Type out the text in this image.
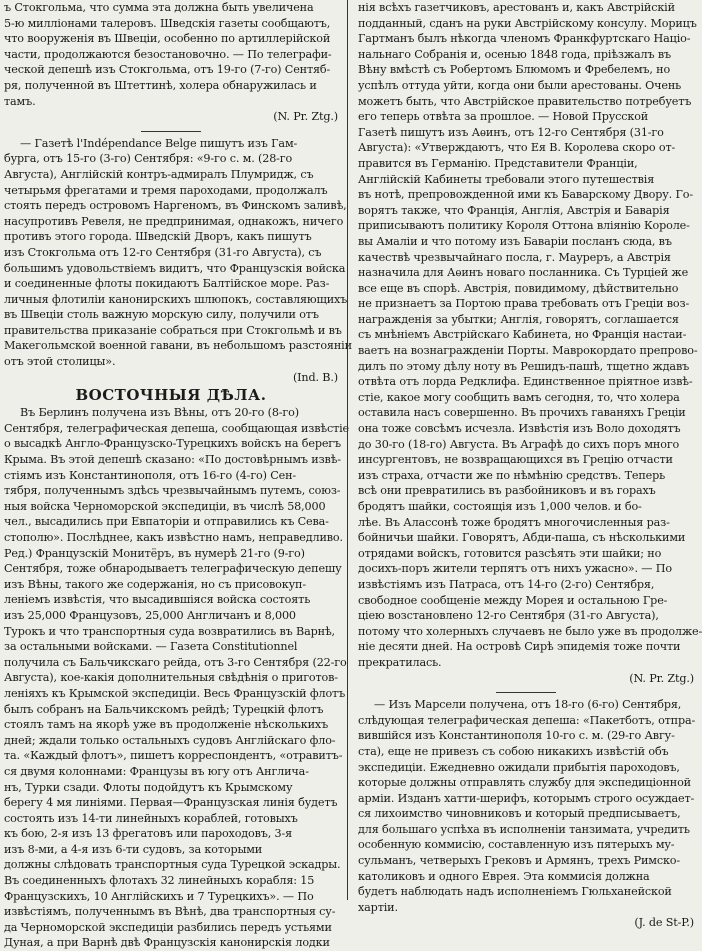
ъ Стокгольма, что сумма эта должна быть увеличена
5-ю миллiонами талеровъ. Шведскiя газеты сообщаютъ,
что вооруженiя въ Швецiи, особенно по артиллерiйской
части, продолжаются безостановочно. — По телеграфи-
ческой депешѣ изъ Стокгольма, отъ 19-го (7-го) Сентяб-
ря, полученной въ Штеттинѣ, холера обнаружилась и
тамъ.
(N. Pr. Ztg.)
— Газетѣ l'Indépendance Belge пишутъ изъ Гам-
бурга, отъ 15-го (3-го) Сентября: «9-го с. м. (28-го
Августа), Англiйскiй контръ-адмиралъ Плумридж, съ
четырьмя фрегатами и тремя пароходами, продолжалъ
стоять передъ островомъ Наргеномъ, въ Финскомъ заливѣ,
насупротивъ Ревеля, не предпринимая, однакожъ, ничего
противъ этого города. Шведскiй Дворъ, какъ пишутъ
изъ Стокгольма отъ 12-го Сентября (31-го Августа), съ
большимъ удовольствiемъ видитъ, что Французскiя войска
и соединенные флоты покидаютъ Балтiйское море. Раз-
личныя флотилiи канонирскихъ шлюпокъ, составляющихъ
въ Швецiи столь важную морскую силу, получили отъ
правительства приказанiе собраться при Стокгольмѣ и въ
Макегольмской военной гавани, въ небольшомъ разстоянiи
отъ этой столицы».
(Ind. B.)
ВОСТОЧНЫЯ ДѢЛА.
Въ Берлинъ получена изъ Вѣны, отъ 20-го (8-го)
Сентября, телеграфическая депеша, сообщающая извѣстiе
о высадкѣ Англо-Французско-Турецкихъ войскъ на берегъ
Крыма. Въ этой депешѣ сказано: «По достовѣрнымъ извѣ-
стiямъ изъ Константинополя, отъ 16-го (4-го) Сен-
тября, полученнымъ здѣсь чрезвычайнымъ путемъ, союз-
ныя войска Черноморской экспедицiи, въ числѣ 58,000
чел., высадились при Евпаторiи и отправились къ Сева-
стополю». Послѣднее, какъ извѣстно намъ, неправедливо.
Ред.) Французскiй Монитёръ, въ нумерѣ 21-го (9-го)
Сентября, тоже обнародываетъ телеграфическую депешу
изъ Вѣны, такого же содержанiя, но съ присовокуп-
ленiемъ извѣстiя, что высадившiяся войска состоять
изъ 25,000 Французовъ, 25,000 Англичанъ и 8,000
Турокъ и что транспортныя суда возвратились въ Варнѣ,
за остальными войсками. — Газета Constitutionnel
получила съ Бальчикскаго рейда, отъ 3-го Сентября (22-го
Августа), кое-какiя дополнительныя свѣдѣнiя о приготов-
ленiяхъ къ Крымской экспедицiи. Весь Французскiй флотъ
былъ собранъ на Бальчикскомъ рейдѣ; Турецкiй флотъ
стоялъ тамъ на якорѣ уже въ продолженiе нѣсколькихъ
дней; ждали только остальныхъ судовъ Англiйскаго фло-
та. «Каждый флотъ», пишетъ корреспондентъ, «отравитъ-
ся двумя колоннами: Французы въ югу отъ Англича-
нъ, Турки сзади. Флоты подойдутъ къ Крымскому
берегу 4 мя линiями. Первая—Французская линiя будетъ
состоять изъ 14-ти линейныхъ кораблей, готовыхъ
къ бою, 2-я изъ 13 фрегатовъ или пароходовъ, 3-я
изъ 8-ми, а 4-я изъ 6-ти судовъ, за которыми
должны слѣдовать транспортныя суда Турецкой эскадры.
Въ соединенныхъ флотахъ 32 линейныхъ корабля: 15
Французскихъ, 10 Англiйскихъ и 7 Турецкихъ». — По
извѣстiямъ, полученнымъ въ Вѣнѣ, два транспортныя су-
да Черноморской экспедицiи разбились передъ устьями
Дуная, а при Варнѣ двѣ Французскiя канонирскiя лодки
нiя всѣхъ газетчиковъ, арестованъ и, какъ Австрiйскiй
подданный, сданъ на руки Австрiйскому консулу. Морицъ
Гартманъ былъ нѣкогда членомъ Франкфуртскаго Нацiо-
нальнаго Собранiя и, осенью 1848 года, прiѣзжалъ въ
Вѣну вмѣстѣ съ Робертомъ Блюмомъ и Фребелемъ, но
успѣлъ оттуда уйти, когда они были арестованы. Очень
можетъ быть, что Австрiйское правительство потребуетъ
его теперь отвѣта за прошлое. — Новой Прусской
Газетѣ пишутъ изъ Аѳинъ, отъ 12-го Сентября (31-го
Августа): «Утверждаютъ, что Ея В. Королева скоро от-
правится въ Германiю. Представители Францiи,
Англiйскiй Кабинеты требовали этого путешествiя
въ нотѣ, препровожденной ими къ Баварскому Двору. Го-
ворятъ также, что Францiя, Англiя, Австрiя и Баварiя
приписываютъ политику Короля Оттона влiянiю Короле-
вы Амалiи и что потому изъ Баварiи посланъ сюда, въ
качествѣ чрезвычайнаго посла, г. Мауреръ, а Австрiя
назначила для Аѳинъ новаго посланника. Съ Турцiей же
все еще въ спорѣ. Австрiя, повидимому, дѣйствительно
не признаетъ за Портою права требовать отъ Грецiи воз-
награжденiя за убытки; Англiя, говорятъ, соглашается
съ мнѣнiемъ Австрiйскаго Кабинета, но Францiя настаи-
ваетъ на вознагражденiи Порты. Мавpокордато препрово-
дилъ по этому дѣлу ноту въ Решидъ-пашѣ, тщетно ждавъ
отвѣта отъ лорда Редклифа. Единственное прiятное извѣ-
стiе, какое могу сообщить вамъ сегодня, то, что холера
оставила насъ совершенно. Въ прочихъ гаваняхъ Грецiи
она тоже совсѣмъ исчезла. Извѣстiя изъ Воло доходятъ
до 30-го (18-го) Августа. Въ Аграфѣ до сихъ поръ много
инсургентовъ, не возвращающихся въ Грецiю отчасти
изъ страха, отчасти же по нѣмѣнiю средствъ. Теперь
всѣ они превратились въ разбойниковъ и въ горахъ
бродятъ шайки, состоящiя изъ 1,000 челов. и бо-
лѣе. Въ Алассонѣ тоже бродятъ многочисленныя раз-
бойничьи шайки. Говорятъ, Абди-паша, съ нѣсколькими
отрядами войскъ, готовится разсѣять эти шайки; но
досихъ-поръ жители терпятъ отъ нихъ ужасно». — По
извѣстiямъ изъ Патраса, отъ 14-го (2-го) Сентября,
свободное сообщенiе между Морея и остальною Гре-
цiею возстановлено 12-го Сентября (31-го Августа),
потому что холерныхъ случаевъ не было уже въ продолже-
нiе десяти дней. На островѣ Сирѣ эпидемiя тоже почти
прекратилась.
(N. Pr. Ztg.)
— Изъ Марсели получена, отъ 18-го (6-го) Сентября,
слѣдующая телеграфическая депеша: «Пакетботъ, отпра-
вившiйся изъ Константинополя 10-го с. м. (29-го Авгу-
ста), еще не привезъ съ собою никакихъ извѣстiй объ
экспедицiи. Ежедневно ожидали прибытiя пароходовъ,
которые должны отправлять службу для экспедицiонной
армiи. Изданъ хатти-шерифъ, которымъ строго осуждает-
ся лихоимство чиновниковъ и который предписываетъ,
для большаго успѣха въ исполненiи танзимата, учредить
особенную коммисiю, составленную изъ пятерыхъ му-
сульманъ, четверыхъ Грековъ и Армянъ, трехъ Римско-
католиковъ и одного Еврея. Эта коммисiя должна
будетъ наблюдать надъ исполненiемъ Гюльханейской
хартiи.
(J. de St-P.)
